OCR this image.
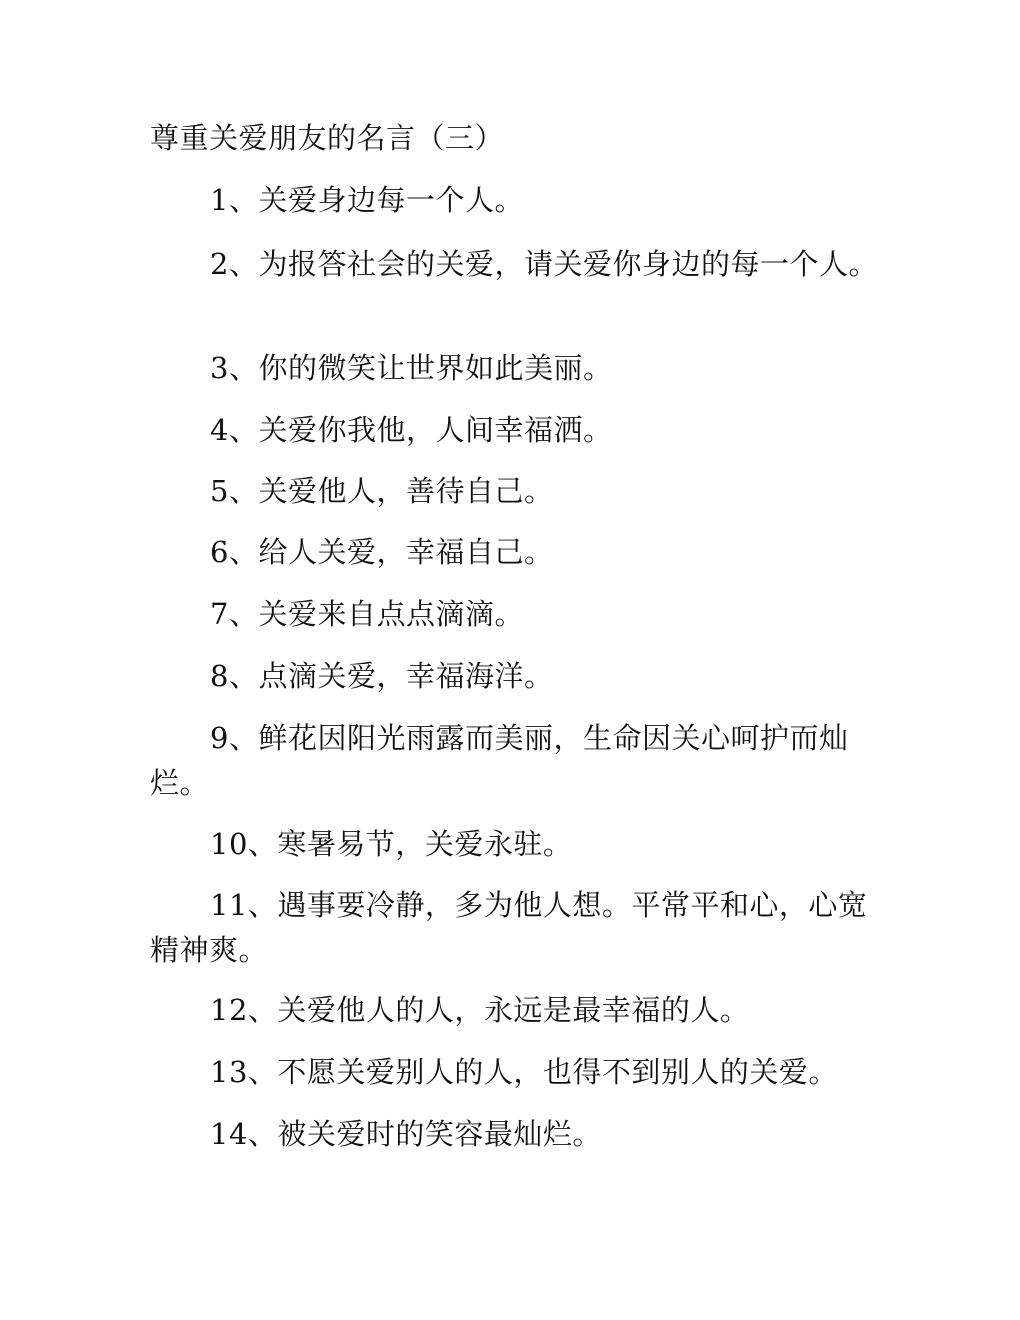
尊重关爱朋友的名言（三）
1、关爱身边每一个人。
2、为报答社会的关爱，请关爱你身边的每一个人。
3、你的微笑让世界如此美丽。
4、关爱你我他，人间幸福洒。
5、关爱他人，善待自己。
6、给人关爱，幸福自己。
7、关爱来自点点滴滴。
8、点滴关爱，幸福海洋。
9、鲜花因阳光雨露而美丽，生命因关心呵护而灿烂。
10、寒暑易节，关爱永驻。
11、遇事要冷静，多为他人想。平常平和心，心宽精神爽。
12、关爱他人的人，永远是最幸福的人。
13、不愿关爱别人的人，也得不到别人的关爱。
14、被关爱时的笑容最灿烂。
